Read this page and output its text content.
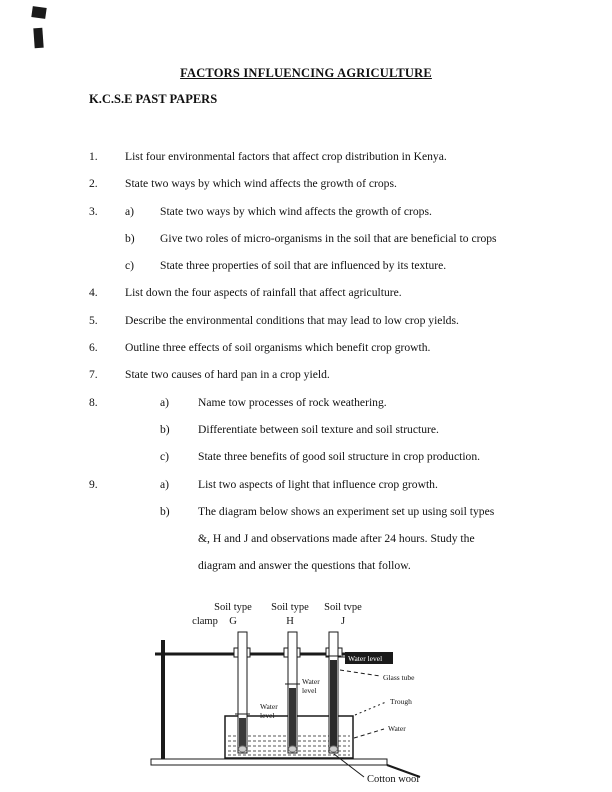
FACTORS INFLUENCING AGRICULTURE
K.C.S.E PAST PAPERS
1.	List four environmental factors that affect crop distribution in Kenya.
2.	State two ways by which wind affects the growth of crops.
3.	a)	State two ways by which wind affects the growth of crops.
b)	Give two roles of micro-organisms in the soil that are beneficial to crops
c)	State three properties of soil that are influenced by its texture.
4.	List down the four aspects of rainfall that affect agriculture.
5.	Describe the environmental conditions that may lead to low crop yields.
6.	Outline three effects of soil organisms which benefit crop growth.
7.	State two causes of hard pan in a crop yield.
8.	a)	Name tow processes of rock weathering.
b)	Differentiate between soil texture and soil structure.
c)	State three benefits of good soil structure in crop production.
9.	a)	List two aspects of light that influence crop growth.
b)	The diagram below shows an experiment set up using soil types
&, H and J and observations made after 24 hours. Study the
diagram and answer the questions that follow.
Soil type
G
Soil type
H
Soil tvpe
J
clamp
Water level
Glass tube
Trough
Water
Water
level
Water
level
Cotton wool
